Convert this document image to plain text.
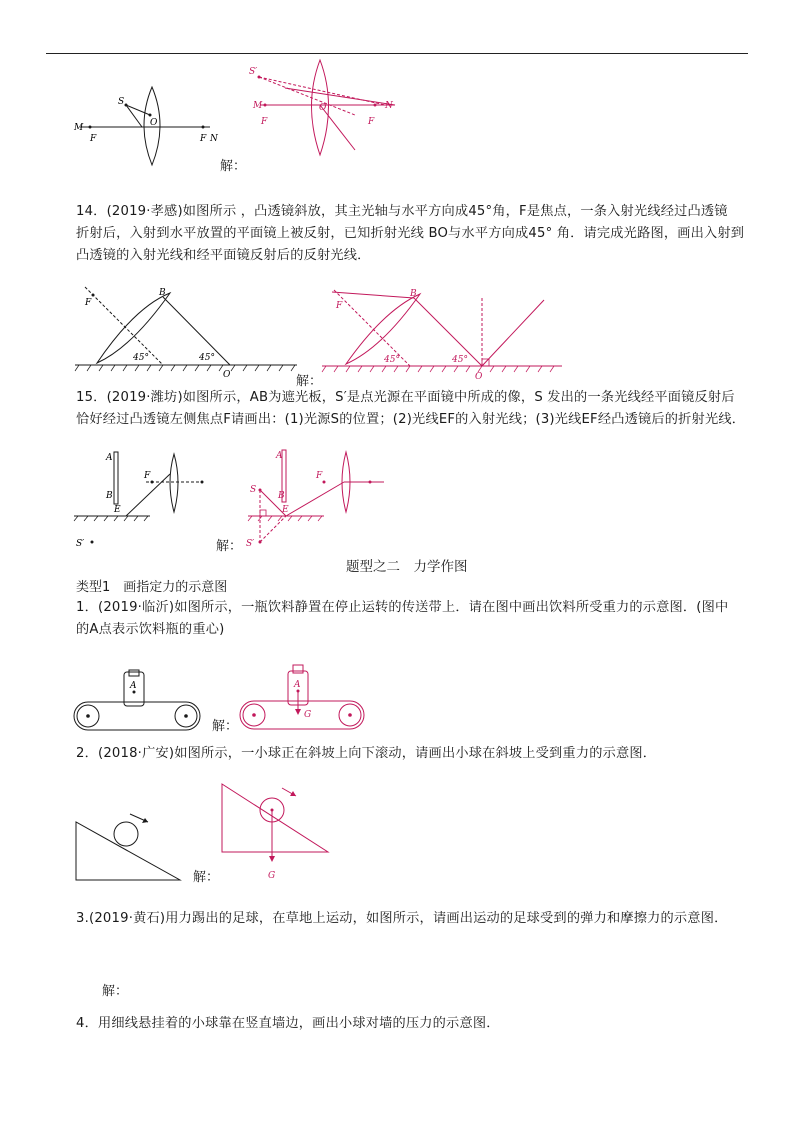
S
O
M
F	F N
解：
S′
M	O
F	F
N
14．(2019·孝感)如图所示 ，凸透镜斜放，其主光轴与水平方向成45°角，F是焦点，一条入射光线经过凸透镜
折射后，入射到水平放置的平面镜上被反射，已知折射光线 BO与水平方向成45° 角．请完成光路图，画出入射到
凸透镜的入射光线和经平面镜反射后的反射光线．
F
B
45°	45°
O	解：
F
B
45°	45°
O
15．(2019·潍坊)如图所示，AB为遮光板，S′是点光源在平面镜中所成的像，S 发出的一条光线经平面镜反射后
恰好经过凸透镜左侧焦点F请画出：(1)光源S的位置；(2)光线EF的入射光线；(3)光线EF经凸透镜后的折射光线．
A
B
F
E
S′	解：
S
A
B
F
E
S′
题型之二　力学作图
类型1　画指定力的示意图
1．(2019·临沂)如图所示，一瓶饮料静置在停止运转的传送带上．请在图中画出饮料所受重力的示意图．(图中
的A点表示饮料瓶的重心)
A
解：
A
G
2．(2018·广安)如图所示，一小球正在斜坡上向下滚动，请画出小球在斜坡上受到重力的示意图．
解：	G
3.(2019·黄石)用力踢出的足球，在草地上运动，如图所示，请画出运动的足球受到的弹力和摩擦力的示意图．
解：
4．用细线悬挂着的小球靠在竖直墙边，画出小球对墙的压力的示意图．
